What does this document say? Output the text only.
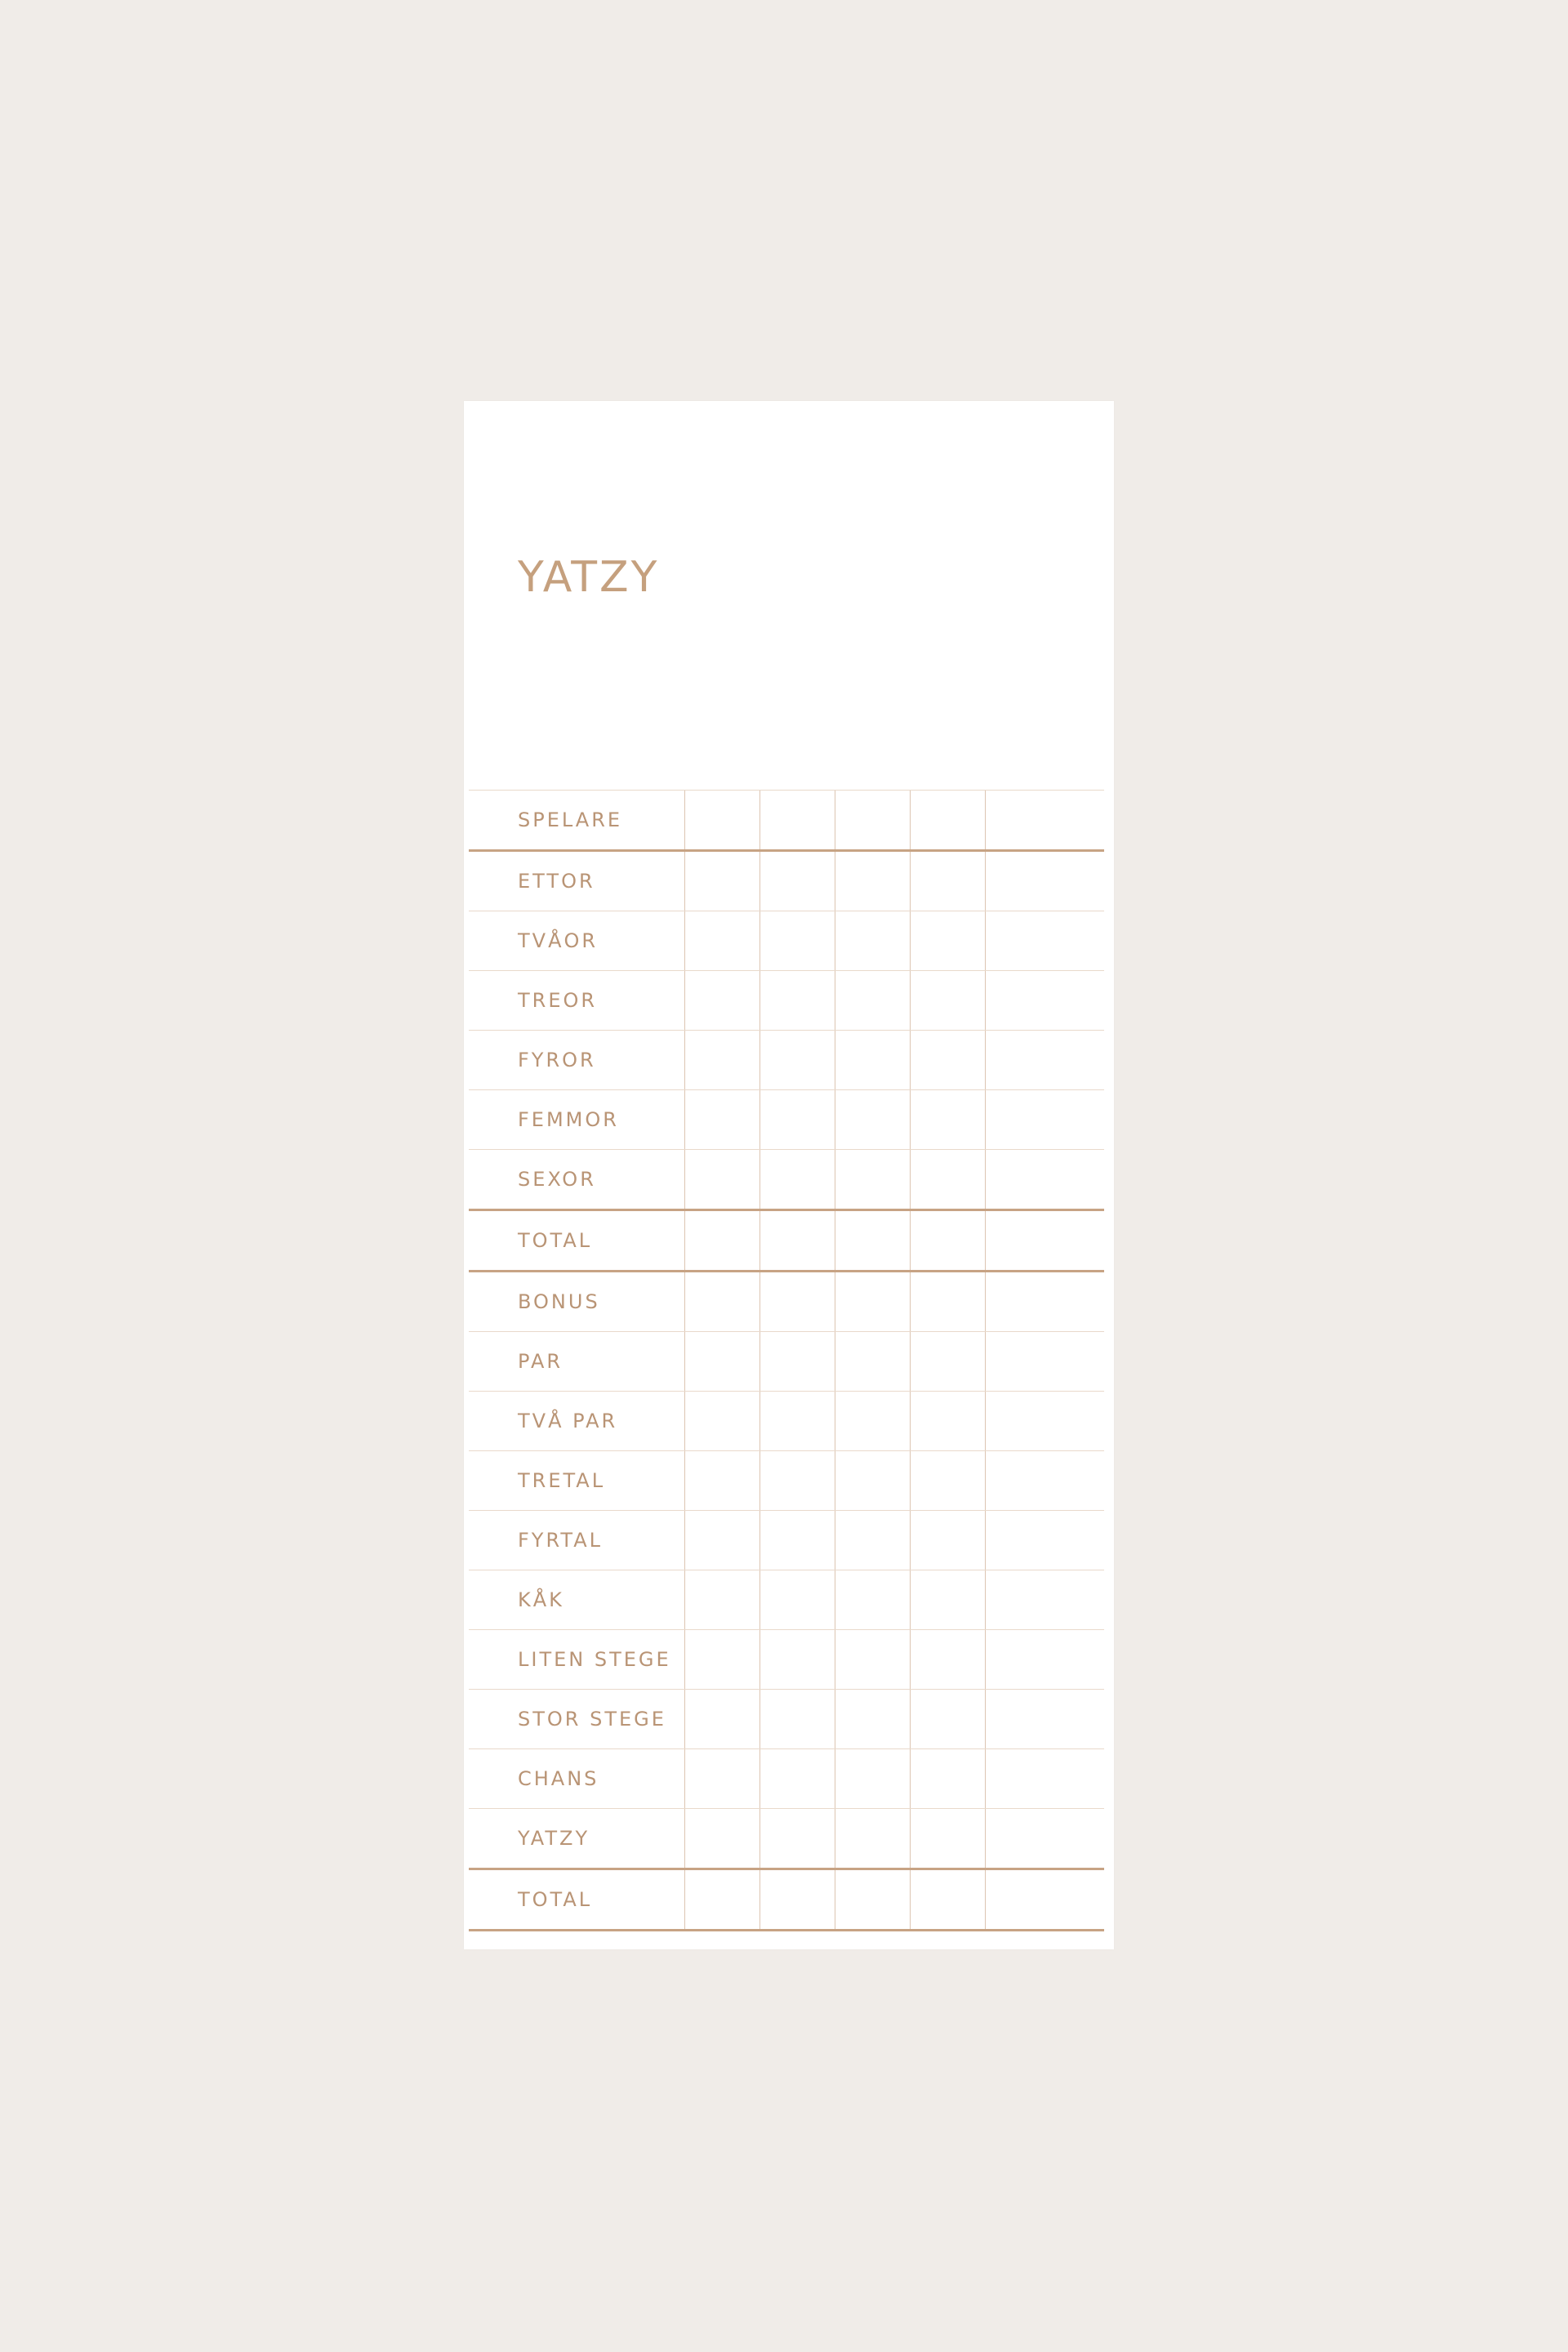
YATZY
SPELARE
ETTOR
TVÅOR
TREOR
FYROR
FEMMOR
SEXOR
TOTAL
BONUS
PAR
TVÅ PAR
TRETAL
FYRTAL
KÅK
LITEN STEGE
STOR STEGE
CHANS
YATZY
TOTAL
